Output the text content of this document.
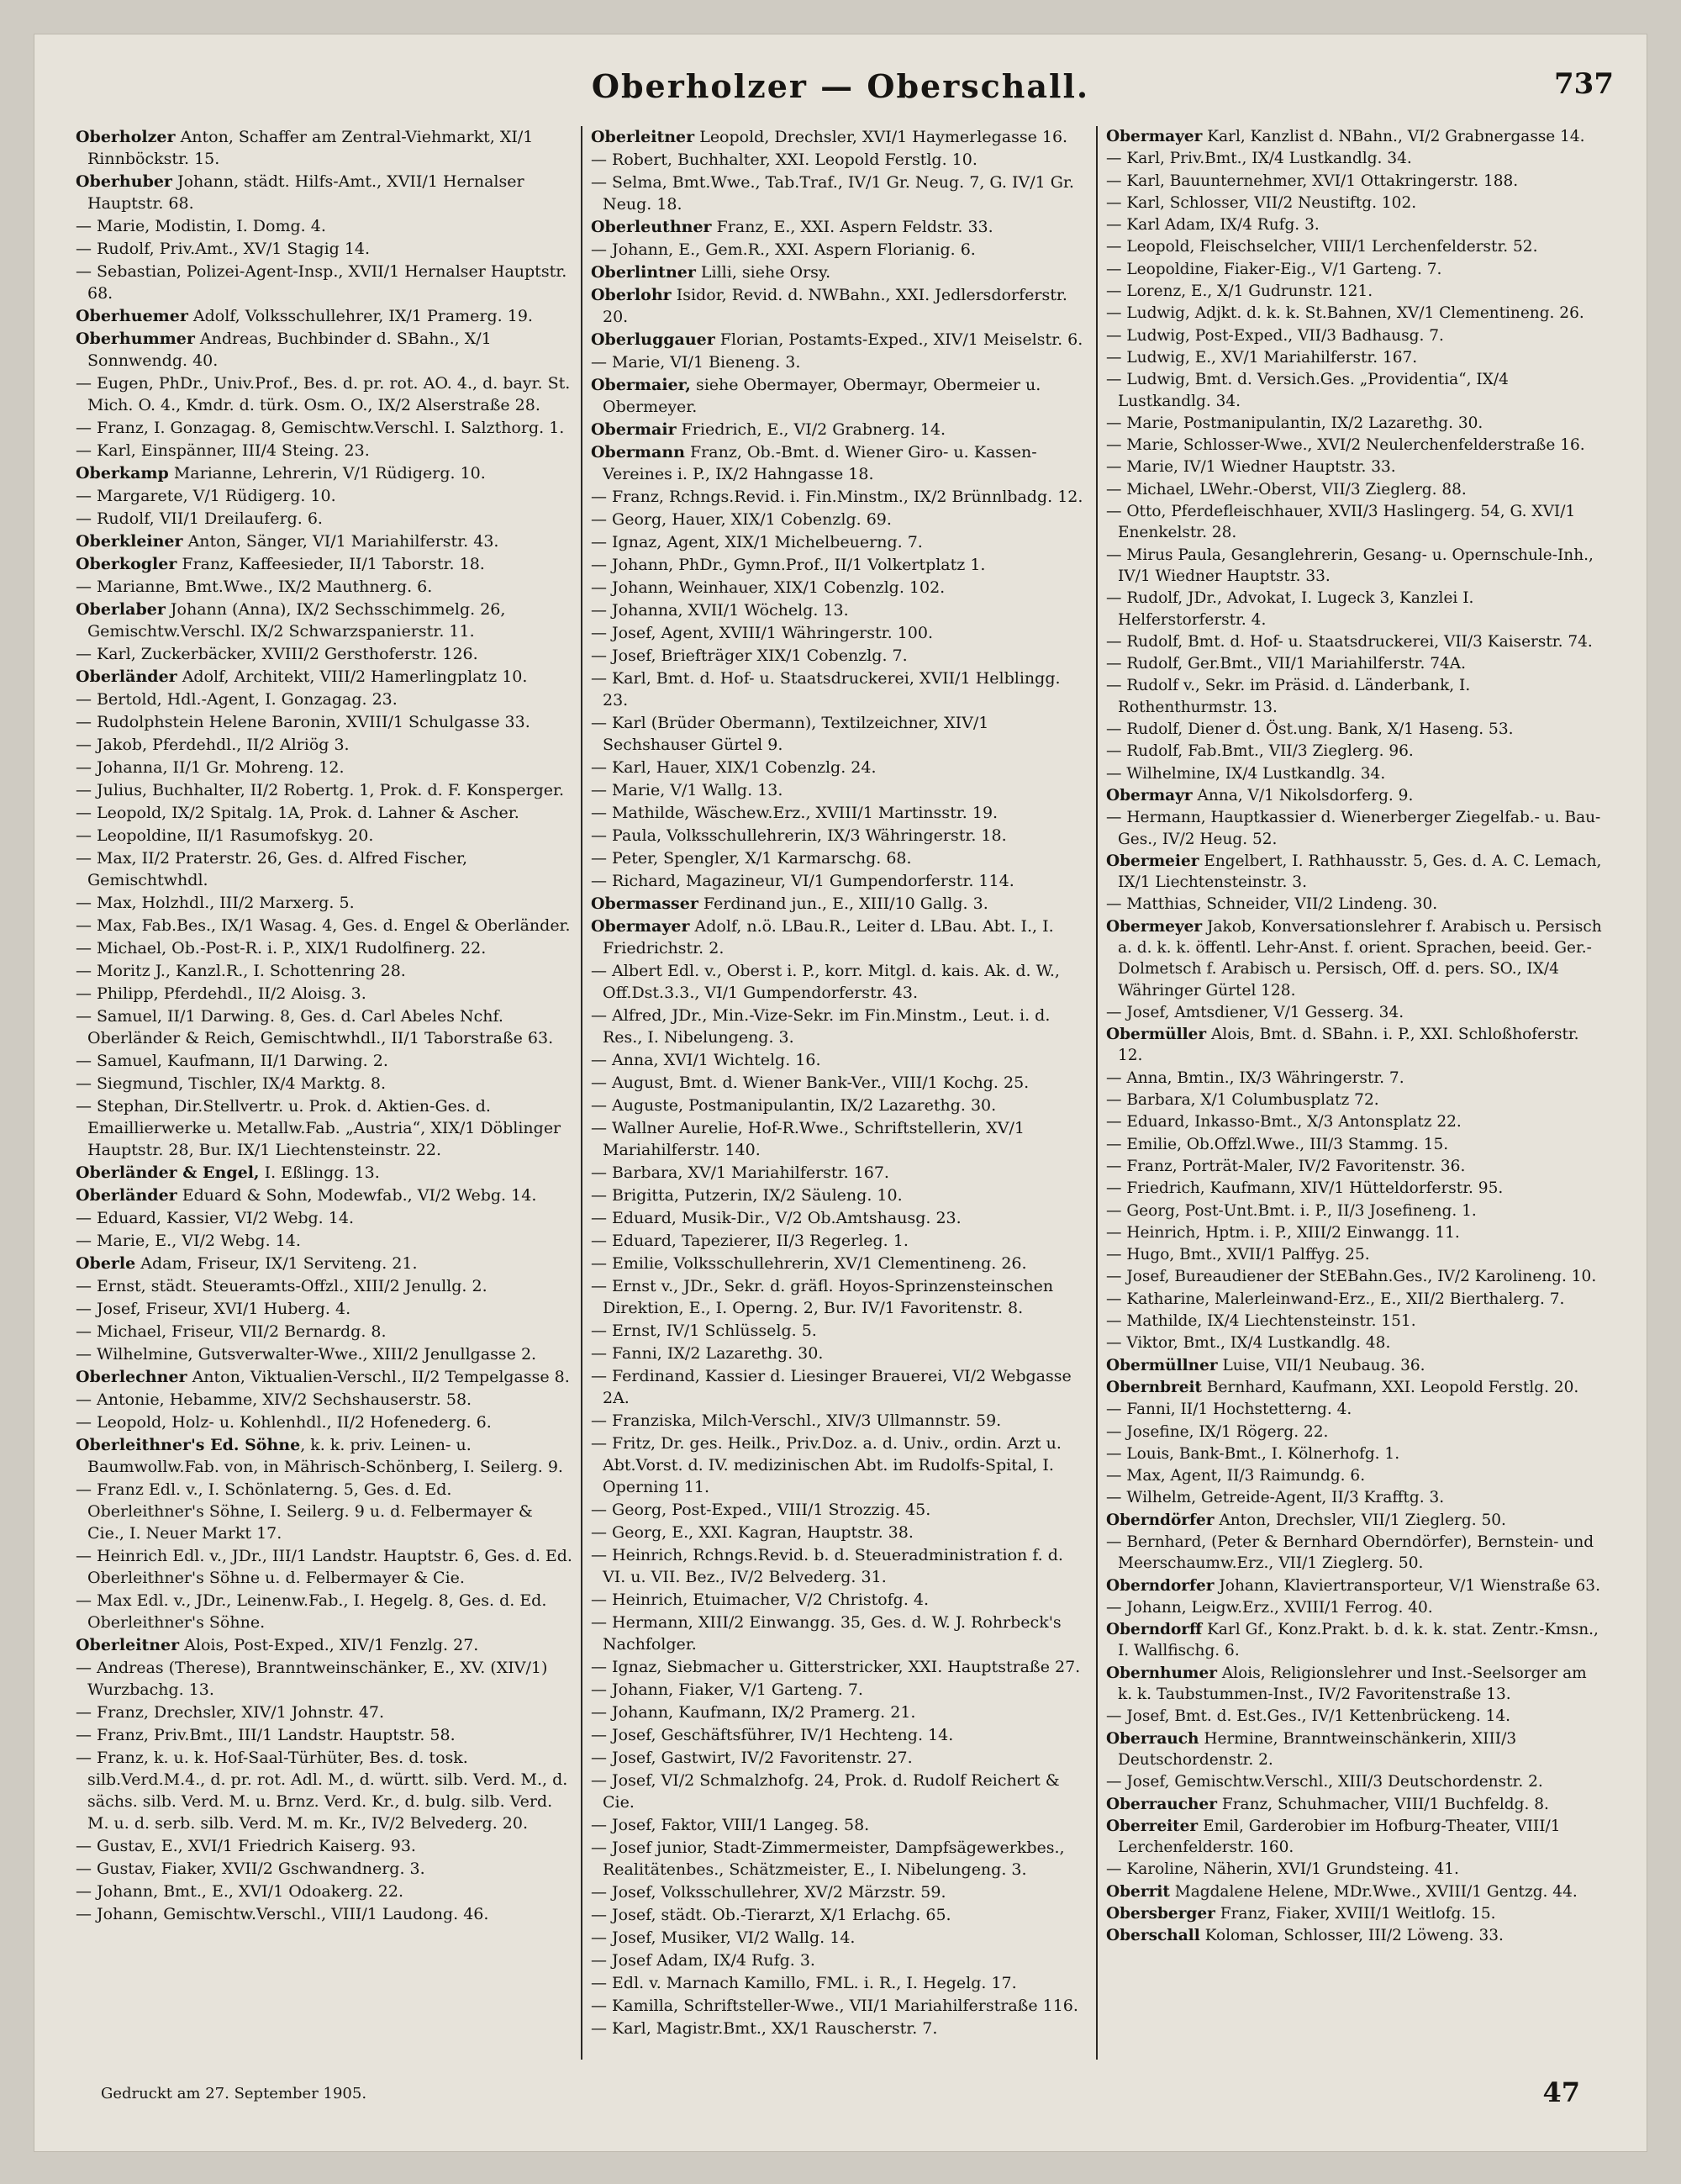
Oberholzer — Oberschall.	737
Oberholzer Anton, Schaffer am Zentral-Viehmarkt, XI/1 Rinnböckstr. 15.
Oberhuber Johann, städt. Hilfs-Amt., XVII/1 Hernalser Hauptstr. 68.
— Marie, Modistin, I. Domg. 4.
— Rudolf, Priv.Amt., XV/1 Stagig 14.
— Sebastian, Polizei-Agent-Insp., XVII/1 Hernalser Hauptstr. 68.
Oberhuemer Adolf, Volksschullehrer, IX/1 Pramerg. 19.
Oberhummer Andreas, Buchbinder d. SBahn., X/1 Sonnwendg. 40.
— Eugen, PhDr., Univ.Prof., Bes. d. pr. rot. AO. 4., d. bayr. St. Mich. O. 4., Kmdr. d. türk. Osm. O., IX/2 Alserstraße 28.
— Franz, I. Gonzagag. 8, Gemischtw.Verschl. I. Salzthorg. 1.
— Karl, Einspänner, III/4 Steing. 23.
Oberkamp Marianne, Lehrerin, V/1 Rüdigerg. 10.
— Margarete, V/1 Rüdigerg. 10.
— Rudolf, VII/1 Dreilauferg. 6.
Oberkleiner Anton, Sänger, VI/1 Mariahilferstr. 43.
Oberkogler Franz, Kaffeesieder, II/1 Taborstr. 18.
— Marianne, Bmt.Wwe., IX/2 Mauthnerg. 6.
Oberlaber Johann (Anna), IX/2 Sechsschimmelg. 26, Gemischtw.Verschl. IX/2 Schwarzspanierstr. 11.
— Karl, Zuckerbäcker, XVIII/2 Gersthoferstr. 126.
Oberländer Adolf, Architekt, VIII/2 Hamerlingplatz 10.
— Bertold, Hdl.-Agent, I. Gonzagag. 23.
— Rudolphstein Helene Baronin, XVIII/1 Schulgasse 33.
— Jakob, Pferdehdl., II/2 Alriög 3.
— Johanna, II/1 Gr. Mohreng. 12.
— Julius, Buchhalter, II/2 Robertg. 1, Prok. d. F. Konsperger.
— Leopold, IX/2 Spitalg. 1A, Prok. d. Lahner & Ascher.
— Leopoldine, II/1 Rasumofskyg. 20.
— Max, II/2 Praterstr. 26, Ges. d. Alfred Fischer, Gemischtwhdl.
— Max, Holzhdl., III/2 Marxerg. 5.
— Max, Fab.Bes., IX/1 Wasag. 4, Ges. d. Engel & Oberländer.
— Michael, Ob.-Post-R. i. P., XIX/1 Rudolfinerg. 22.
— Moritz J., Kanzl.R., I. Schottenring 28.
— Philipp, Pferdehdl., II/2 Aloisg. 3.
— Samuel, II/1 Darwing. 8, Ges. d. Carl Abeles Nchf. Oberländer & Reich, Gemischtwhdl., II/1 Taborstraße 63.
— Samuel, Kaufmann, II/1 Darwing. 2.
— Siegmund, Tischler, IX/4 Marktg. 8.
— Stephan, Dir.Stellvertr. u. Prok. d. Aktien-Ges. d. Emaillierwerke u. Metallw.Fab. „Austria“, XIX/1 Döblinger Hauptstr. 28, Bur. IX/1 Liechtensteinstr. 22.
Oberländer & Engel, I. Eßlingg. 13.
Oberländer Eduard & Sohn, Modewfab., VI/2 Webg. 14.
— Eduard, Kassier, VI/2 Webg. 14.
— Marie, E., VI/2 Webg. 14.
Oberle Adam, Friseur, IX/1 Serviteng. 21.
— Ernst, städt. Steueramts-Offzl., XIII/2 Jenullg. 2.
— Josef, Friseur, XVI/1 Huberg. 4.
— Michael, Friseur, VII/2 Bernardg. 8.
— Wilhelmine, Gutsverwalter-Wwe., XIII/2 Jenullgasse 2.
Oberlechner Anton, Viktualien-Verschl., II/2 Tempelgasse 8.
— Antonie, Hebamme, XIV/2 Sechshauserstr. 58.
— Leopold, Holz- u. Kohlenhdl., II/2 Hofenederg. 6.
Oberleithner's Ed. Söhne, k. k. priv. Leinen- u. Baumwollw.Fab. von, in Mährisch-Schönberg, I. Seilerg. 9.
— Franz Edl. v., I. Schönlaterng. 5, Ges. d. Ed. Oberleithner's Söhne, I. Seilerg. 9 u. d. Felbermayer & Cie., I. Neuer Markt 17.
— Heinrich Edl. v., JDr., III/1 Landstr. Hauptstr. 6, Ges. d. Ed. Oberleithner's Söhne u. d. Felbermayer & Cie.
— Max Edl. v., JDr., Leinenw.Fab., I. Hegelg. 8, Ges. d. Ed. Oberleithner's Söhne.
Oberleitner Alois, Post-Exped., XIV/1 Fenzlg. 27.
— Andreas (Therese), Branntweinschänker, E., XV. (XIV/1) Wurzbachg. 13.
— Franz, Drechsler, XIV/1 Johnstr. 47.
— Franz, Priv.Bmt., III/1 Landstr. Hauptstr. 58.
— Franz, k. u. k. Hof-Saal-Türhüter, Bes. d. tosk. silb.Verd.M.4., d. pr. rot. Adl. M., d. württ. silb. Verd. M., d. sächs. silb. Verd. M. u. Brnz. Verd. Kr., d. bulg. silb. Verd. M. u. d. serb. silb. Verd. M. m. Kr., IV/2 Belvederg. 20.
— Gustav, E., XVI/1 Friedrich Kaiserg. 93.
— Gustav, Fiaker, XVII/2 Gschwandnerg. 3.
— Johann, Bmt., E., XVI/1 Odoakerg. 22.
— Johann, Gemischtw.Verschl., VIII/1 Laudong. 46.
Oberleitner Leopold, Drechsler, XVI/1 Haymerlegasse 16.
— Robert, Buchhalter, XXI. Leopold Ferstlg. 10.
— Selma, Bmt.Wwe., Tab.Traf., IV/1 Gr. Neug. 7, G. IV/1 Gr. Neug. 18.
Oberleuthner Franz, E., XXI. Aspern Feldstr. 33.
— Johann, E., Gem.R., XXI. Aspern Florianig. 6.
Oberlintner Lilli, siehe Orsy.
Oberlohr Isidor, Revid. d. NWBahn., XXI. Jedlersdorferstr. 20.
Oberluggauer Florian, Postamts-Exped., XIV/1 Meiselstr. 6.
— Marie, VI/1 Bieneng. 3.
Obermaier, siehe Obermayer, Obermayr, Obermeier u. Obermeyer.
Obermair Friedrich, E., VI/2 Grabnerg. 14.
Obermann Franz, Ob.-Bmt. d. Wiener Giro- u. Kassen-Vereines i. P., IX/2 Hahngasse 18.
— Franz, Rchngs.Revid. i. Fin.Minstm., IX/2 Brünnlbadg. 12.
— Georg, Hauer, XIX/1 Cobenzlg. 69.
— Ignaz, Agent, XIX/1 Michelbeuerng. 7.
— Johann, PhDr., Gymn.Prof., II/1 Volkertplatz 1.
— Johann, Weinhauer, XIX/1 Cobenzlg. 102.
— Johanna, XVII/1 Wöchelg. 13.
— Josef, Agent, XVIII/1 Währingerstr. 100.
— Josef, Briefträger XIX/1 Cobenzlg. 7.
— Karl, Bmt. d. Hof- u. Staatsdruckerei, XVII/1 Helblingg. 23.
— Karl (Brüder Obermann), Textilzeichner, XIV/1 Sechshauser Gürtel 9.
— Karl, Hauer, XIX/1 Cobenzlg. 24.
— Marie, V/1 Wallg. 13.
— Mathilde, Wäschew.Erz., XVIII/1 Martinsstr. 19.
— Paula, Volksschullehrerin, IX/3 Währingerstr. 18.
— Peter, Spengler, X/1 Karmarschg. 68.
— Richard, Magazineur, VI/1 Gumpendorferstr. 114.
Obermasser Ferdinand jun., E., XIII/10 Gallg. 3.
Obermayer Adolf, n.ö. LBau.R., Leiter d. LBau. Abt. I., I. Friedrichstr. 2.
— Albert Edl. v., Oberst i. P., korr. Mitgl. d. kais. Ak. d. W., Off.Dst.3.3., VI/1 Gumpendorferstr. 43.
— Alfred, JDr., Min.-Vize-Sekr. im Fin.Minstm., Leut. i. d. Res., I. Nibelungeng. 3.
— Anna, XVI/1 Wichtelg. 16.
— August, Bmt. d. Wiener Bank-Ver., VIII/1 Kochg. 25.
— Auguste, Postmanipulantin, IX/2 Lazarethg. 30.
— Wallner Aurelie, Hof-R.Wwe., Schriftstellerin, XV/1 Mariahilferstr. 140.
— Barbara, XV/1 Mariahilferstr. 167.
— Brigitta, Putzerin, IX/2 Säuleng. 10.
— Eduard, Musik-Dir., V/2 Ob.Amtshausg. 23.
— Eduard, Tapezierer, II/3 Regerleg. 1.
— Emilie, Volksschullehrerin, XV/1 Clementineng. 26.
— Ernst v., JDr., Sekr. d. gräfl. Hoyos-Sprinzensteinschen Direktion, E., I. Operng. 2, Bur. IV/1 Favoritenstr. 8.
— Ernst, IV/1 Schlüsselg. 5.
— Fanni, IX/2 Lazarethg. 30.
— Ferdinand, Kassier d. Liesinger Brauerei, VI/2 Webgasse 2A.
— Franziska, Milch-Verschl., XIV/3 Ullmannstr. 59.
— Fritz, Dr. ges. Heilk., Priv.Doz. a. d. Univ., ordin. Arzt u. Abt.Vorst. d. IV. medizinischen Abt. im Rudolfs-Spital, I. Operning 11.
— Georg, Post-Exped., VIII/1 Strozzig. 45.
— Georg, E., XXI. Kagran, Hauptstr. 38.
— Heinrich, Rchngs.Revid. b. d. Steueradministration f. d. VI. u. VII. Bez., IV/2 Belvederg. 31.
— Heinrich, Etuimacher, V/2 Christofg. 4.
— Hermann, XIII/2 Einwangg. 35, Ges. d. W. J. Rohrbeck's Nachfolger.
— Ignaz, Siebmacher u. Gitterstricker, XXI. Hauptstraße 27.
— Johann, Fiaker, V/1 Garteng. 7.
— Johann, Kaufmann, IX/2 Pramerg. 21.
— Josef, Geschäftsführer, IV/1 Hechteng. 14.
— Josef, Gastwirt, IV/2 Favoritenstr. 27.
— Josef, VI/2 Schmalzhofg. 24, Prok. d. Rudolf Reichert & Cie.
— Josef, Faktor, VIII/1 Langeg. 58.
— Josef junior, Stadt-Zimmermeister, Dampfsägewerkbes., Realitätenbes., Schätzmeister, E., I. Nibelungeng. 3.
— Josef, Volksschullehrer, XV/2 Märzstr. 59.
— Josef, städt. Ob.-Tierarzt, X/1 Erlachg. 65.
— Josef, Musiker, VI/2 Wallg. 14.
— Josef Adam, IX/4 Rufg. 3.
— Edl. v. Marnach Kamillo, FML. i. R., I. Hegelg. 17.
— Kamilla, Schriftsteller-Wwe., VII/1 Mariahilferstraße 116.
— Karl, Magistr.Bmt., XX/1 Rauscherstr. 7.
Obermayer Karl, Kanzlist d. NBahn., VI/2 Grabnergasse 14.
— Karl, Priv.Bmt., IX/4 Lustkandlg. 34.
— Karl, Bauunternehmer, XVI/1 Ottakringerstr. 188.
— Karl, Schlosser, VII/2 Neustiftg. 102.
— Karl Adam, IX/4 Rufg. 3.
— Leopold, Fleischselcher, VIII/1 Lerchenfelderstr. 52.
— Leopoldine, Fiaker-Eig., V/1 Garteng. 7.
— Lorenz, E., X/1 Gudrunstr. 121.
— Ludwig, Adjkt. d. k. k. St.Bahnen, XV/1 Clementineng. 26.
— Ludwig, Post-Exped., VII/3 Badhausg. 7.
— Ludwig, E., XV/1 Mariahilferstr. 167.
— Ludwig, Bmt. d. Versich.Ges. „Providentia“, IX/4 Lustkandlg. 34.
— Marie, Postmanipulantin, IX/2 Lazarethg. 30.
— Marie, Schlosser-Wwe., XVI/2 Neulerchenfelderstraße 16.
— Marie, IV/1 Wiedner Hauptstr. 33.
— Michael, LWehr.-Oberst, VII/3 Zieglerg. 88.
— Otto, Pferdefleischhauer, XVII/3 Haslingerg. 54, G. XVI/1 Enenkelstr. 28.
— Mirus Paula, Gesanglehrerin, Gesang- u. Opernschule-Inh., IV/1 Wiedner Hauptstr. 33.
— Rudolf, JDr., Advokat, I. Lugeck 3, Kanzlei I. Helferstorferstr. 4.
— Rudolf, Bmt. d. Hof- u. Staatsdruckerei, VII/3 Kaiserstr. 74.
— Rudolf, Ger.Bmt., VII/1 Mariahilferstr. 74A.
— Rudolf v., Sekr. im Präsid. d. Länderbank, I. Rothenthurmstr. 13.
— Rudolf, Diener d. Öst.ung. Bank, X/1 Haseng. 53.
— Rudolf, Fab.Bmt., VII/3 Zieglerg. 96.
— Wilhelmine, IX/4 Lustkandlg. 34.
Obermayr Anna, V/1 Nikolsdorferg. 9.
— Hermann, Hauptkassier d. Wienerberger Ziegelfab.- u. Bau-Ges., IV/2 Heug. 52.
Obermeier Engelbert, I. Rathhausstr. 5, Ges. d. A. C. Lemach, IX/1 Liechtensteinstr. 3.
— Matthias, Schneider, VII/2 Lindeng. 30.
Obermeyer Jakob, Konversationslehrer f. Arabisch u. Persisch a. d. k. k. öffentl. Lehr-Anst. f. orient. Sprachen, beeid. Ger.-Dolmetsch f. Arabisch u. Persisch, Off. d. pers. SO., IX/4 Währinger Gürtel 128.
— Josef, Amtsdiener, V/1 Gesserg. 34.
Obermüller Alois, Bmt. d. SBahn. i. P., XXI. Schloßhoferstr. 12.
— Anna, Bmtin., IX/3 Währingerstr. 7.
— Barbara, X/1 Columbusplatz 72.
— Eduard, Inkasso-Bmt., X/3 Antonsplatz 22.
— Emilie, Ob.Offzl.Wwe., III/3 Stammg. 15.
— Franz, Porträt-Maler, IV/2 Favoritenstr. 36.
— Friedrich, Kaufmann, XIV/1 Hütteldorferstr. 95.
— Georg, Post-Unt.Bmt. i. P., II/3 Josefineng. 1.
— Heinrich, Hptm. i. P., XIII/2 Einwangg. 11.
— Hugo, Bmt., XVII/1 Palffyg. 25.
— Josef, Bureaudiener der StEBahn.Ges., IV/2 Karolineng. 10.
— Katharine, Malerleinwand-Erz., E., XII/2 Bierthalerg. 7.
— Mathilde, IX/4 Liechtensteinstr. 151.
— Viktor, Bmt., IX/4 Lustkandlg. 48.
Obermüllner Luise, VII/1 Neubaug. 36.
Obernbreit Bernhard, Kaufmann, XXI. Leopold Ferstlg. 20.
— Fanni, II/1 Hochstetterng. 4.
— Josefine, IX/1 Rögerg. 22.
— Louis, Bank-Bmt., I. Kölnerhofg. 1.
— Max, Agent, II/3 Raimundg. 6.
— Wilhelm, Getreide-Agent, II/3 Krafftg. 3.
Oberndörfer Anton, Drechsler, VII/1 Zieglerg. 50.
— Bernhard, (Peter & Bernhard Oberndörfer), Bernstein- und Meerschaumw.Erz., VII/1 Zieglerg. 50.
Oberndorfer Johann, Klaviertransporteur, V/1 Wienstraße 63.
— Johann, Leigw.Erz., XVIII/1 Ferrog. 40.
Oberndorff Karl Gf., Konz.Prakt. b. d. k. k. stat. Zentr.-Kmsn., I. Wallfischg. 6.
Obernhumer Alois, Religionslehrer und Inst.-Seelsorger am k. k. Taubstummen-Inst., IV/2 Favoritenstraße 13.
— Josef, Bmt. d. Est.Ges., IV/1 Kettenbrückeng. 14.
Oberrauch Hermine, Branntweinschänkerin, XIII/3 Deutschordenstr. 2.
— Josef, Gemischtw.Verschl., XIII/3 Deutschordenstr. 2.
Oberraucher Franz, Schuhmacher, VIII/1 Buchfeldg. 8.
Oberreiter Emil, Garderobier im Hofburg-Theater, VIII/1 Lerchenfelderstr. 160.
— Karoline, Näherin, XVI/1 Grundsteing. 41.
Oberrit Magdalene Helene, MDr.Wwe., XVIII/1 Gentzg. 44.
Obersberger Franz, Fiaker, XVIII/1 Weitlofg. 15.
Oberschall Koloman, Schlosser, III/2 Löweng. 33.
Gedruckt am 27. September 1905.	47
